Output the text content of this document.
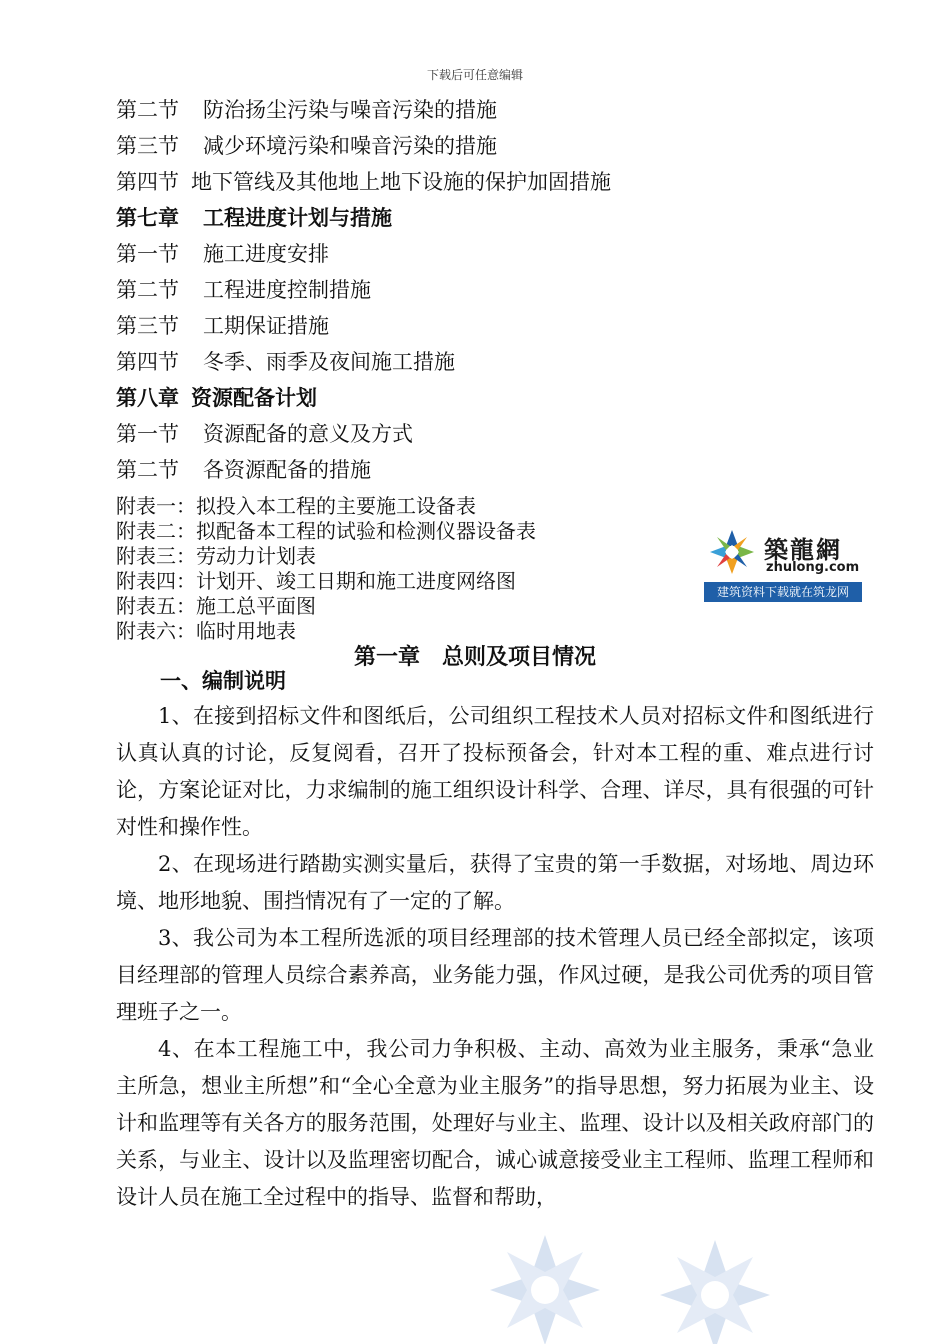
下载后可任意编辑
第二节 防治扬尘污染与噪音污染的措施
第三节 减少环境污染和噪音污染的措施
第四节 地下管线及其他地上地下设施的保护加固措施
第七章 工程进度计划与措施
第一节 施工进度安排
第二节 工程进度控制措施
第三节 工期保证措施
第四节 冬季、雨季及夜间施工措施
第八章 资源配备计划
第一节 资源配备的意义及方式
第二节 各资源配备的措施
附表一：拟投入本工程的主要施工设备表
附表二：拟配备本工程的试验和检测仪器设备表
附表三：劳动力计划表
附表四：计划开、竣工日期和施工进度网络图
附表五：施工总平面图
附表六：临时用地表
築龍網
zhulong.com
建筑资料下载就在筑龙网
第一章　总则及项目情况
一、编制说明

1、在接到招标文件和图纸后，公司组织工程技术人员对招标文件和图纸进行认真认真的讨论，反复阅看，召开了投标预备会，针对本工程的重、难点进行讨论，方案论证对比，力求编制的施工组织设计科学、合理、详尽，具有很强的可针对性和操作性。

2、在现场进行踏勘实测实量后，获得了宝贵的第一手数据，对场地、周边环境、地形地貌、围挡情况有了一定的了解。

3、我公司为本工程所选派的项目经理部的技术管理人员已经全部拟定，该项目经理部的管理人员综合素养高，业务能力强，作风过硬，是我公司优秀的项目管理班子之一。

4、在本工程施工中，我公司力争积极、主动、高效为业主服务，秉承“急业主所急，想业主所想”和“全心全意为业主服务”的指导思想，努力拓展为业主、设计和监理等有关各方的服务范围，处理好与业主、监理、设计以及相关政府部门的关系，与业主、设计以及监理密切配合，诚心诚意接受业主工程师、监理工程师和设计人员在施工全过程中的指导、监督和帮助，
